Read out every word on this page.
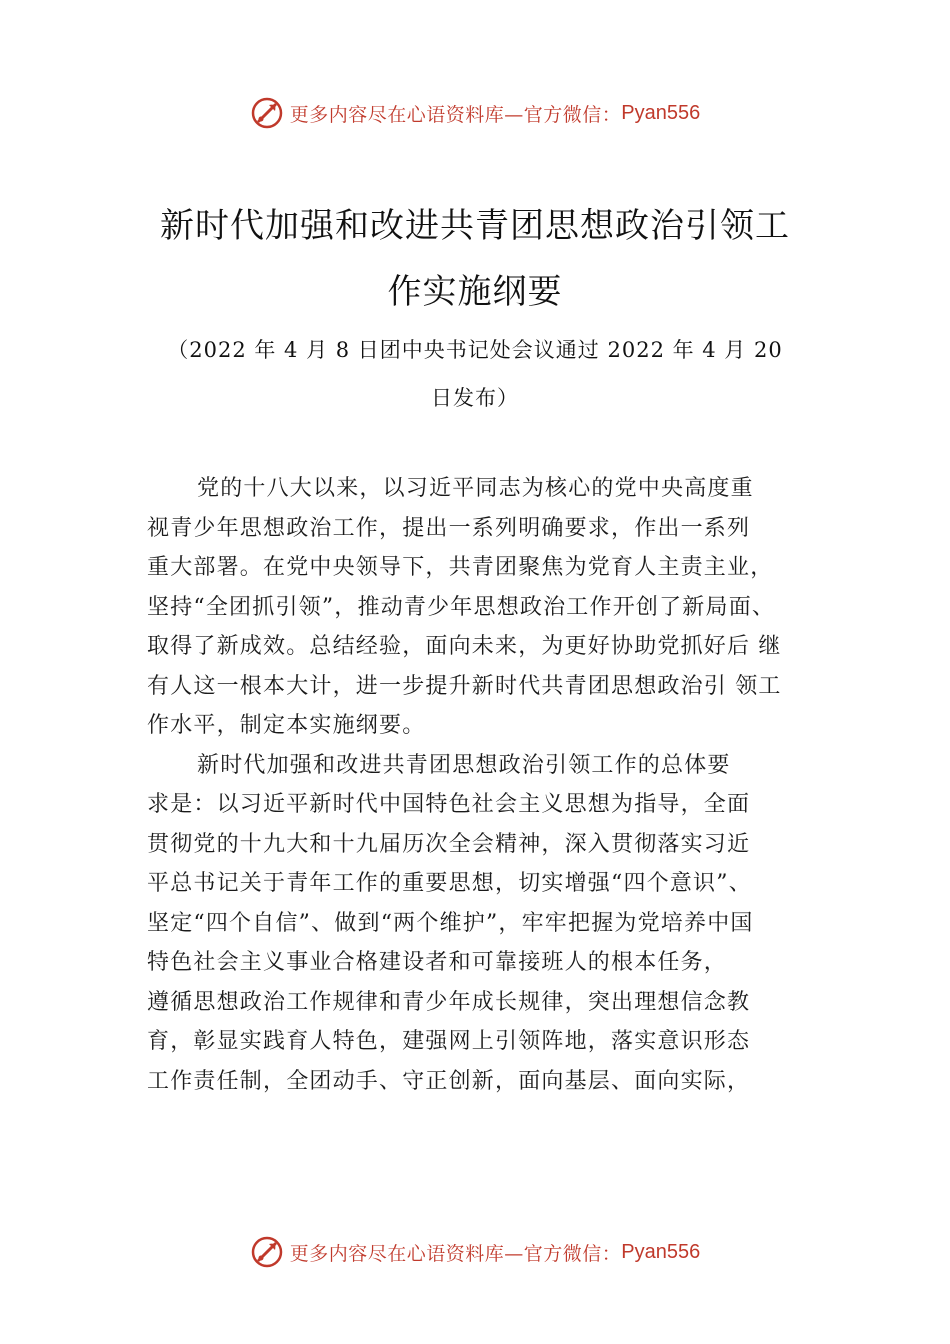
更多内容尽在心语资料库—官方微信： Pyan556
新时代加强和改进共青团思想政治引领工
作实施纲要
（2022 年 4 月 8 日团中央书记处会议通过 2022 年 4 月 20
日发布）
党的十八大以来，以习近平同志为核心的党中央高度重
视青少年思想政治工作，提出一系列明确要求，作出一系列
重大部署。在党中央领导下，共青团聚焦为党育人主责主业，
坚持“全团抓引领”，推动青少年思想政治工作开创了新局面、
取得了新成效。总结经验，面向未来，为更好协助党抓好后 继
有人这一根本大计，进一步提升新时代共青团思想政治引 领工
作水平，制定本实施纲要。
新时代加强和改进共青团思想政治引领工作的总体要
求是：以习近平新时代中国特色社会主义思想为指导，全面
贯彻党的十九大和十九届历次全会精神，深入贯彻落实习近
平总书记关于青年工作的重要思想，切实增强“四个意识”、
坚定“四个自信”、做到“两个维护”，牢牢把握为党培养中国
特色社会主义事业合格建设者和可靠接班人的根本任务，
遵循思想政治工作规律和青少年成长规律，突出理想信念教
育，彰显实践育人特色，建强网上引领阵地，落实意识形态
工作责任制，全团动手、守正创新，面向基层、面向实际，
更多内容尽在心语资料库—官方微信： Pyan556
